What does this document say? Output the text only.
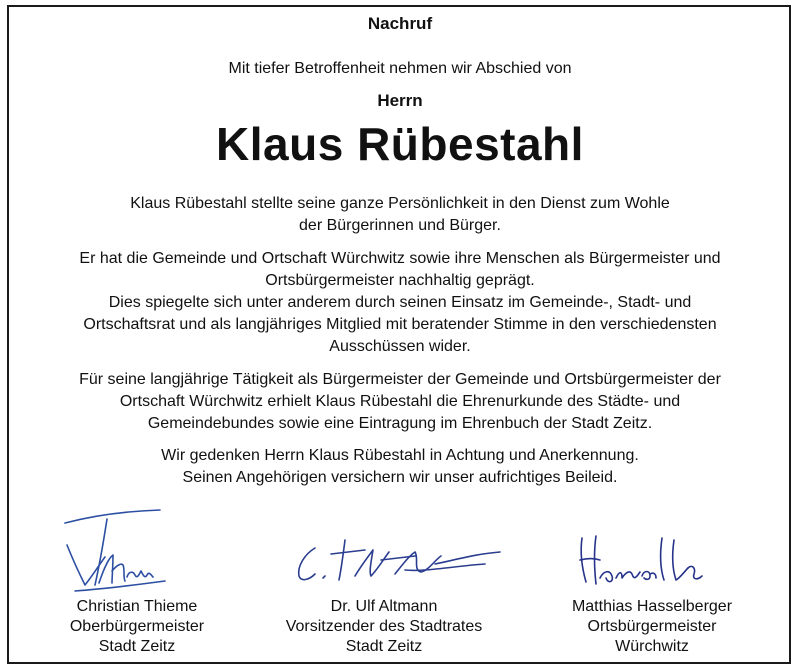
Nachruf
Mit tiefer Betroffenheit nehmen wir Abschied von
Herrn
Klaus Rübestahl
Klaus Rübestahl stellte seine ganze Persönlichkeit in den Dienst zum Wohle
der Bürgerinnen und Bürger.
Er hat die Gemeinde und Ortschaft Würchwitz sowie ihre Menschen als Bürgermeister und
Ortsbürgermeister nachhaltig geprägt.
Dies spiegelte sich unter anderem durch seinen Einsatz im Gemeinde-, Stadt- und
Ortschaftsrat und als langjähriges Mitglied mit beratender Stimme in den verschiedensten
Ausschüssen wider.
Für seine langjährige Tätigkeit als Bürgermeister der Gemeinde und Ortsbürgermeister der
Ortschaft Würchwitz erhielt Klaus Rübestahl die Ehrenurkunde des Städte- und
Gemeindebundes sowie eine Eintragung im Ehrenbuch der Stadt Zeitz.
Wir gedenken Herrn Klaus Rübestahl in Achtung und Anerkennung.
Seinen Angehörigen versichern wir unser aufrichtiges Beileid.
Christian Thieme
Oberbürgermeister
Stadt Zeitz
Dr. Ulf Altmann
Vorsitzender des Stadtrates
Stadt Zeitz
Matthias Hasselberger
Ortsbürgermeister
Würchwitz
